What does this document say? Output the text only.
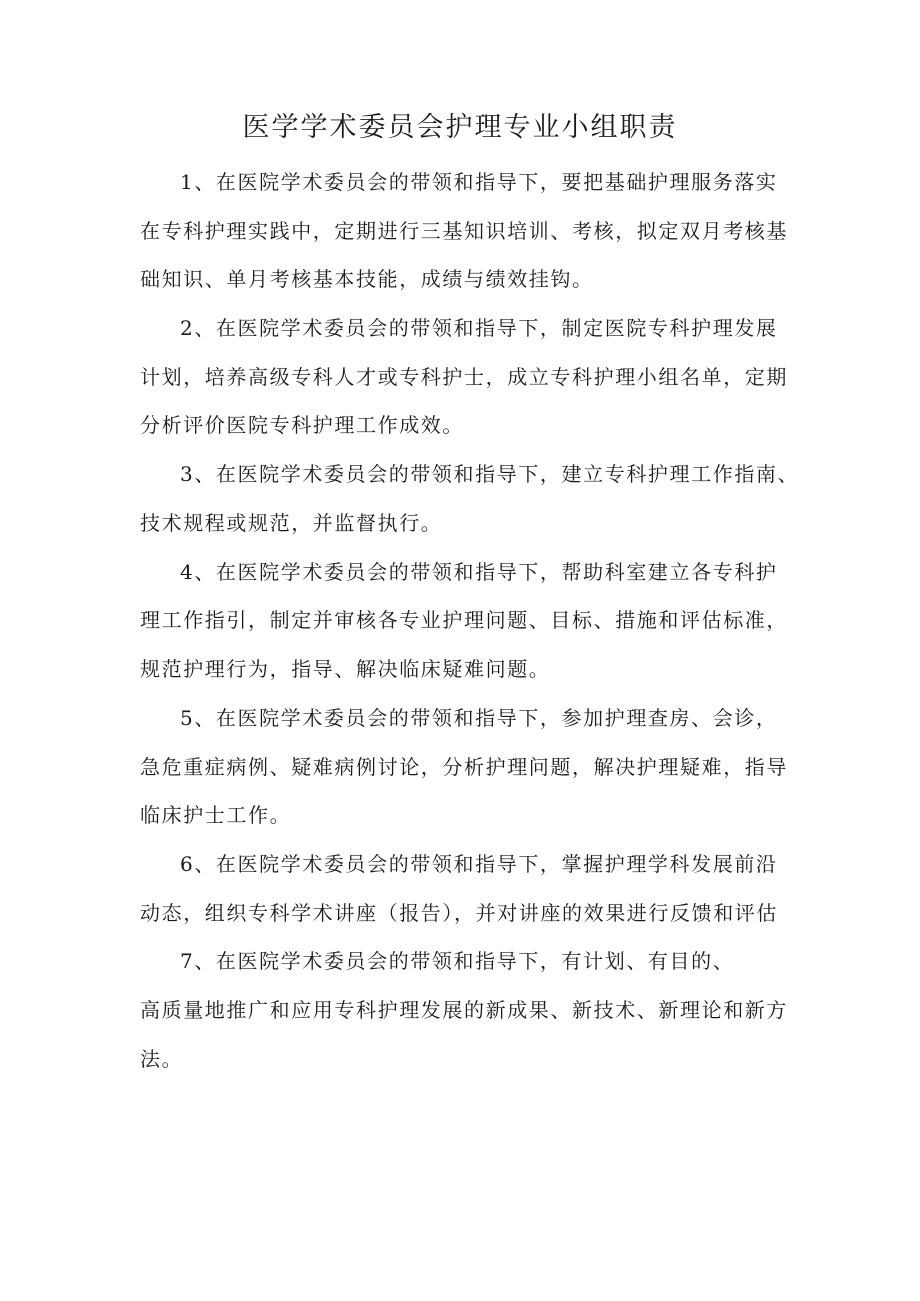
医学学术委员会护理专业小组职责

1、在医院学术委员会的带领和指导下，要把基础护理服务落实

在专科护理实践中，定期进行三基知识培训、考核，拟定双月考核基

础知识、单月考核基本技能，成绩与绩效挂钩。

2、在医院学术委员会的带领和指导下，制定医院专科护理发展

计划，培养高级专科人才或专科护士，成立专科护理小组名单，定期

分析评价医院专科护理工作成效。

3、在医院学术委员会的带领和指导下，建立专科护理工作指南、

技术规程或规范，并监督执行。

4、在医院学术委员会的带领和指导下，帮助科室建立各专科护

理工作指引，制定并审核各专业护理问题、目标、措施和评估标准，

规范护理行为，指导、解决临床疑难问题。

5、在医院学术委员会的带领和指导下，参加护理查房、会诊，

急危重症病例、疑难病例讨论，分析护理问题，解决护理疑难，指导

临床护士工作。

6、在医院学术委员会的带领和指导下，掌握护理学科发展前沿

动态，组织专科学术讲座（报告），并对讲座的效果进行反馈和评估

7、在医院学术委员会的带领和指导下，有计划、有目的、

高质量地推广和应用专科护理发展的新成果、新技术、新理论和新方

法。
